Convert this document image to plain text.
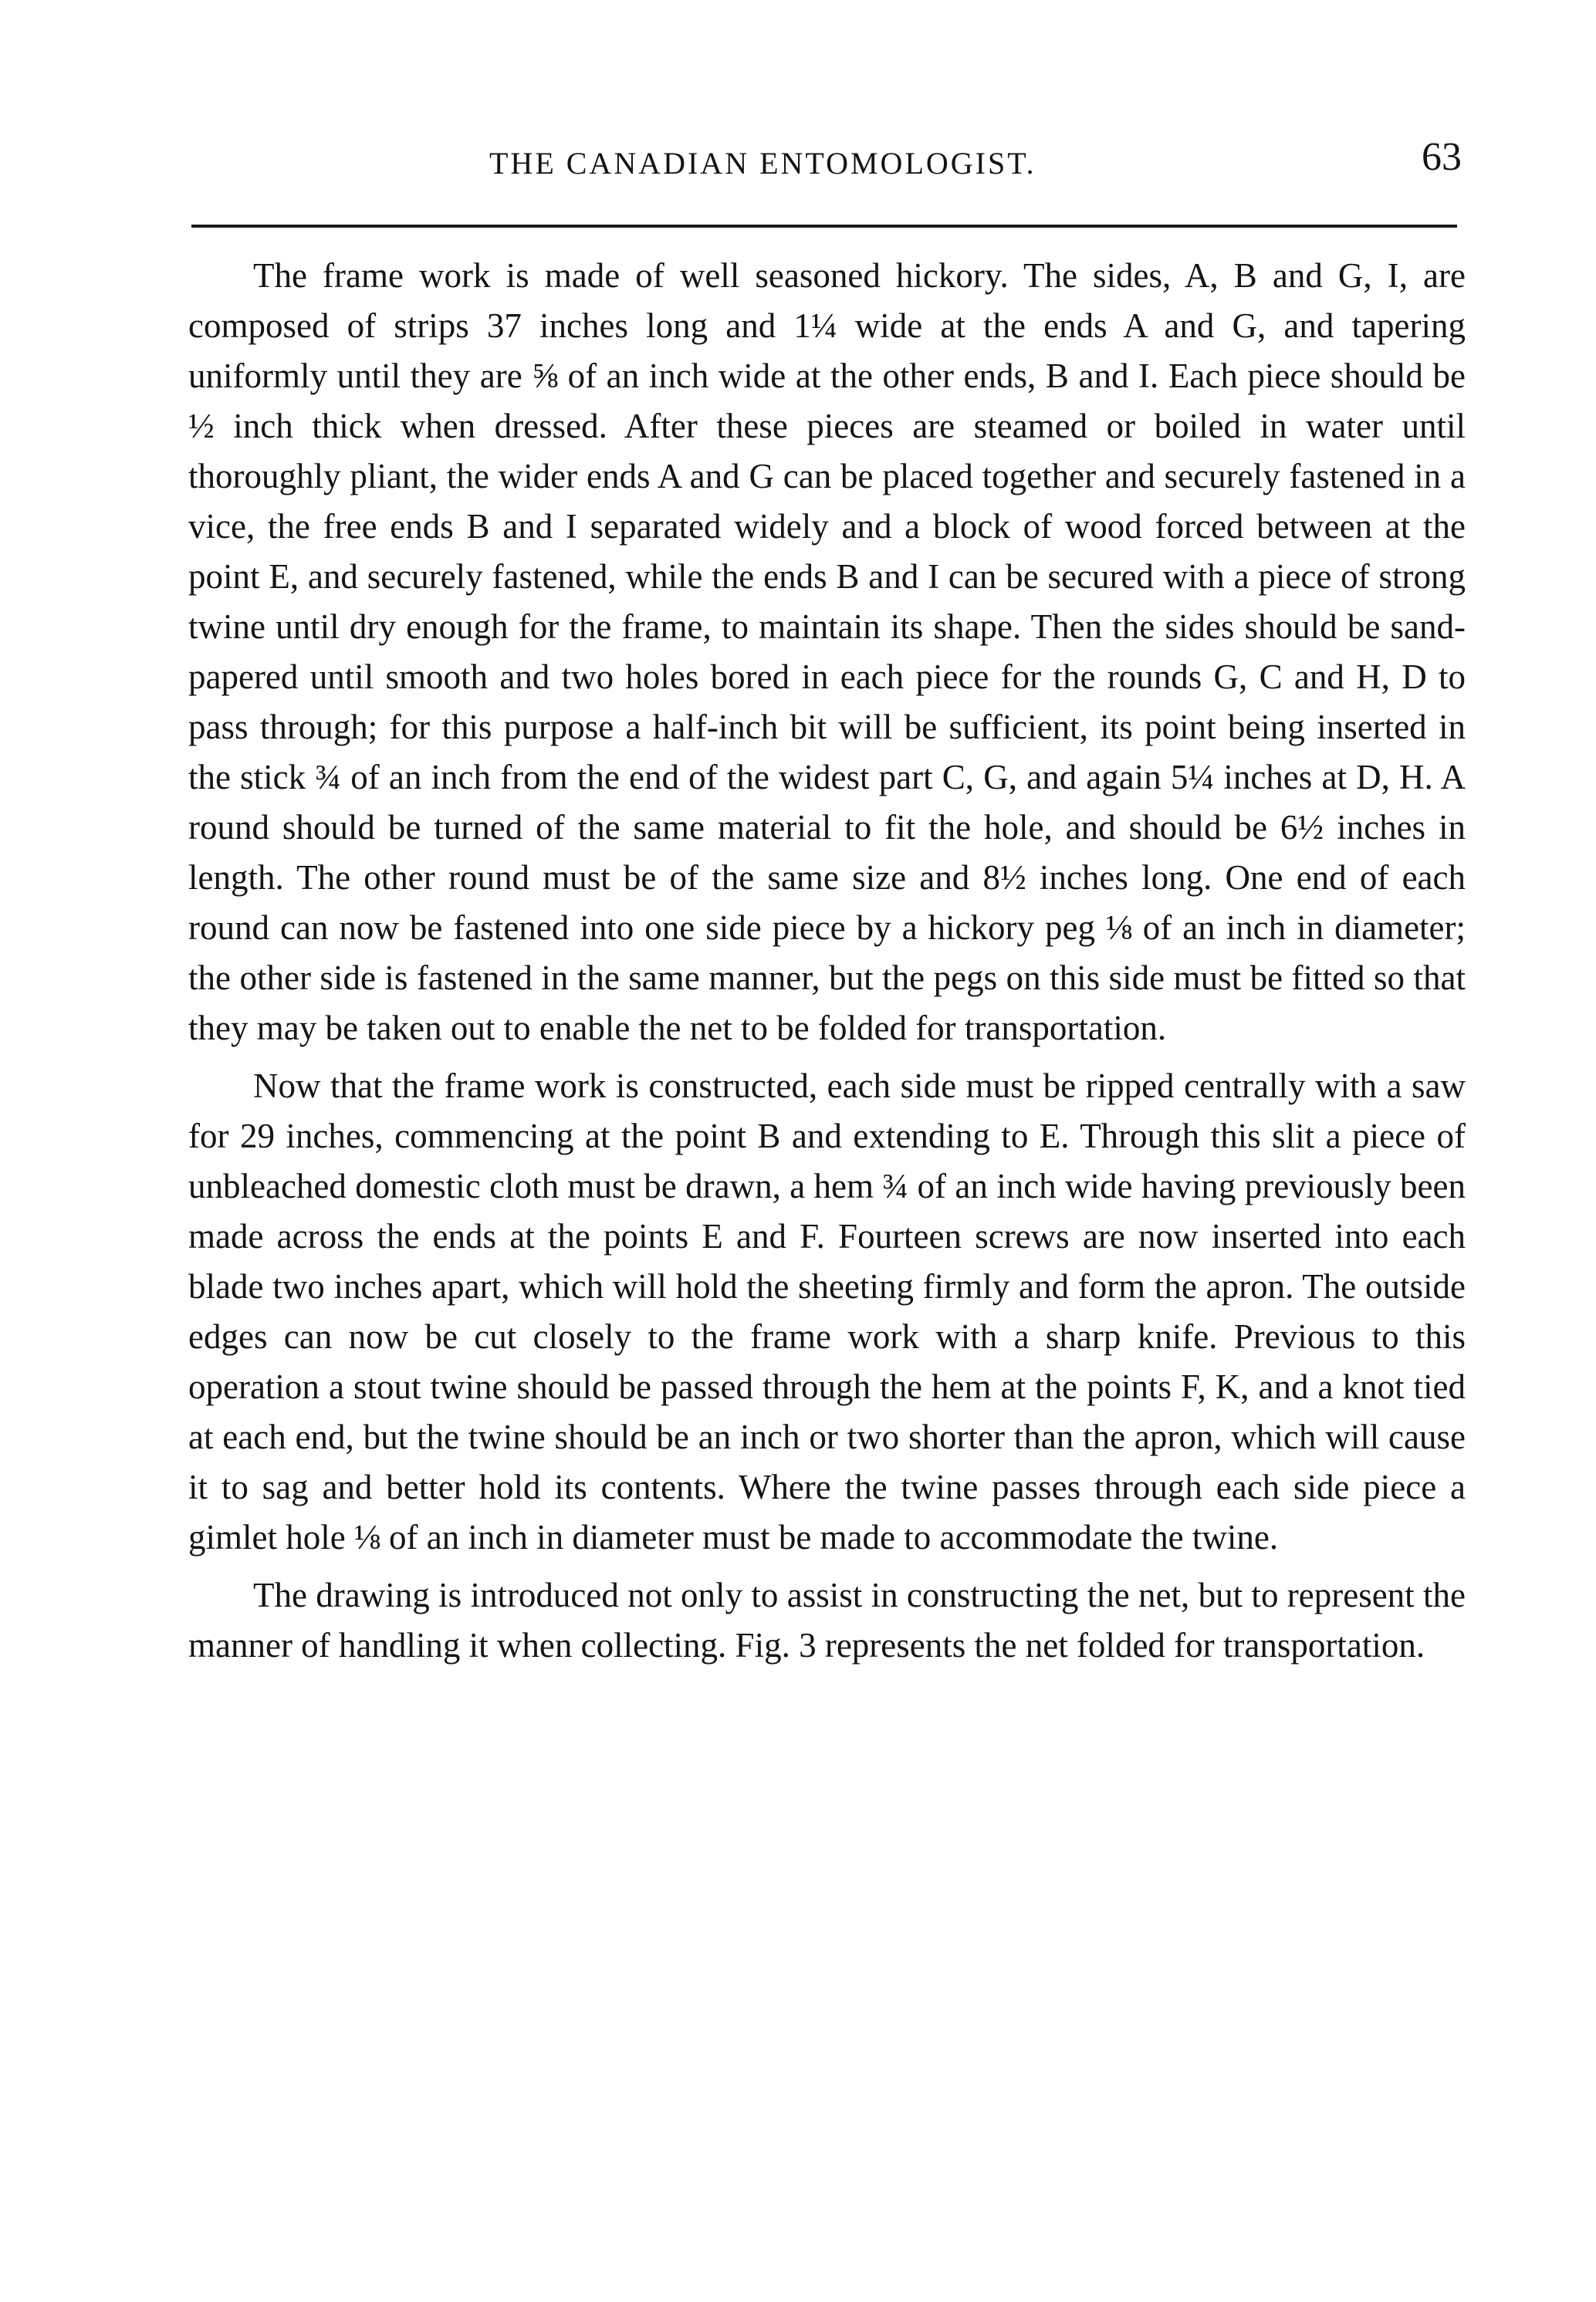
THE CANADIAN ENTOMOLOGIST.	63

The frame work is made of well seasoned hickory. The sides, A, B and G, I, are composed of strips 37 inches long and 1¼ wide at the ends A and G, and tapering uniformly until they are ⅝ of an inch wide at the other ends, B and I. Each piece should be ½ inch thick when dressed. After these pieces are steamed or boiled in water until thoroughly pliant, the wider ends A and G can be placed together and securely fastened in a vice, the free ends B and I separated widely and a block of wood forced between at the point E, and securely fastened, while the ends B and I can be secured with a piece of strong twine until dry enough for the frame, to maintain its shape. Then the sides should be sand-papered until smooth and two holes bored in each piece for the rounds G, C and H, D to pass through; for this purpose a half-inch bit will be sufficient, its point being inserted in the stick ¾ of an inch from the end of the widest part C, G, and again 5¼ inches at D, H. A round should be turned of the same material to fit the hole, and should be 6½ inches in length. The other round must be of the same size and 8½ inches long. One end of each round can now be fastened into one side piece by a hickory peg ⅛ of an inch in diameter; the other side is fastened in the same manner, but the pegs on this side must be fitted so that they may be taken out to enable the net to be folded for transportation.

Now that the frame work is constructed, each side must be ripped centrally with a saw for 29 inches, commencing at the point B and extending to E. Through this slit a piece of unbleached domestic cloth must be drawn, a hem ¾ of an inch wide having previously been made across the ends at the points E and F. Fourteen screws are now inserted into each blade two inches apart, which will hold the sheeting firmly and form the apron. The outside edges can now be cut closely to the frame work with a sharp knife. Previous to this operation a stout twine should be passed through the hem at the points F, K, and a knot tied at each end, but the twine should be an inch or two shorter than the apron, which will cause it to sag and better hold its contents. Where the twine passes through each side piece a gimlet hole ⅛ of an inch in diameter must be made to accommodate the twine.

The drawing is introduced not only to assist in constructing the net, but to represent the manner of handling it when collecting. Fig. 3 represents the net folded for transportation.
